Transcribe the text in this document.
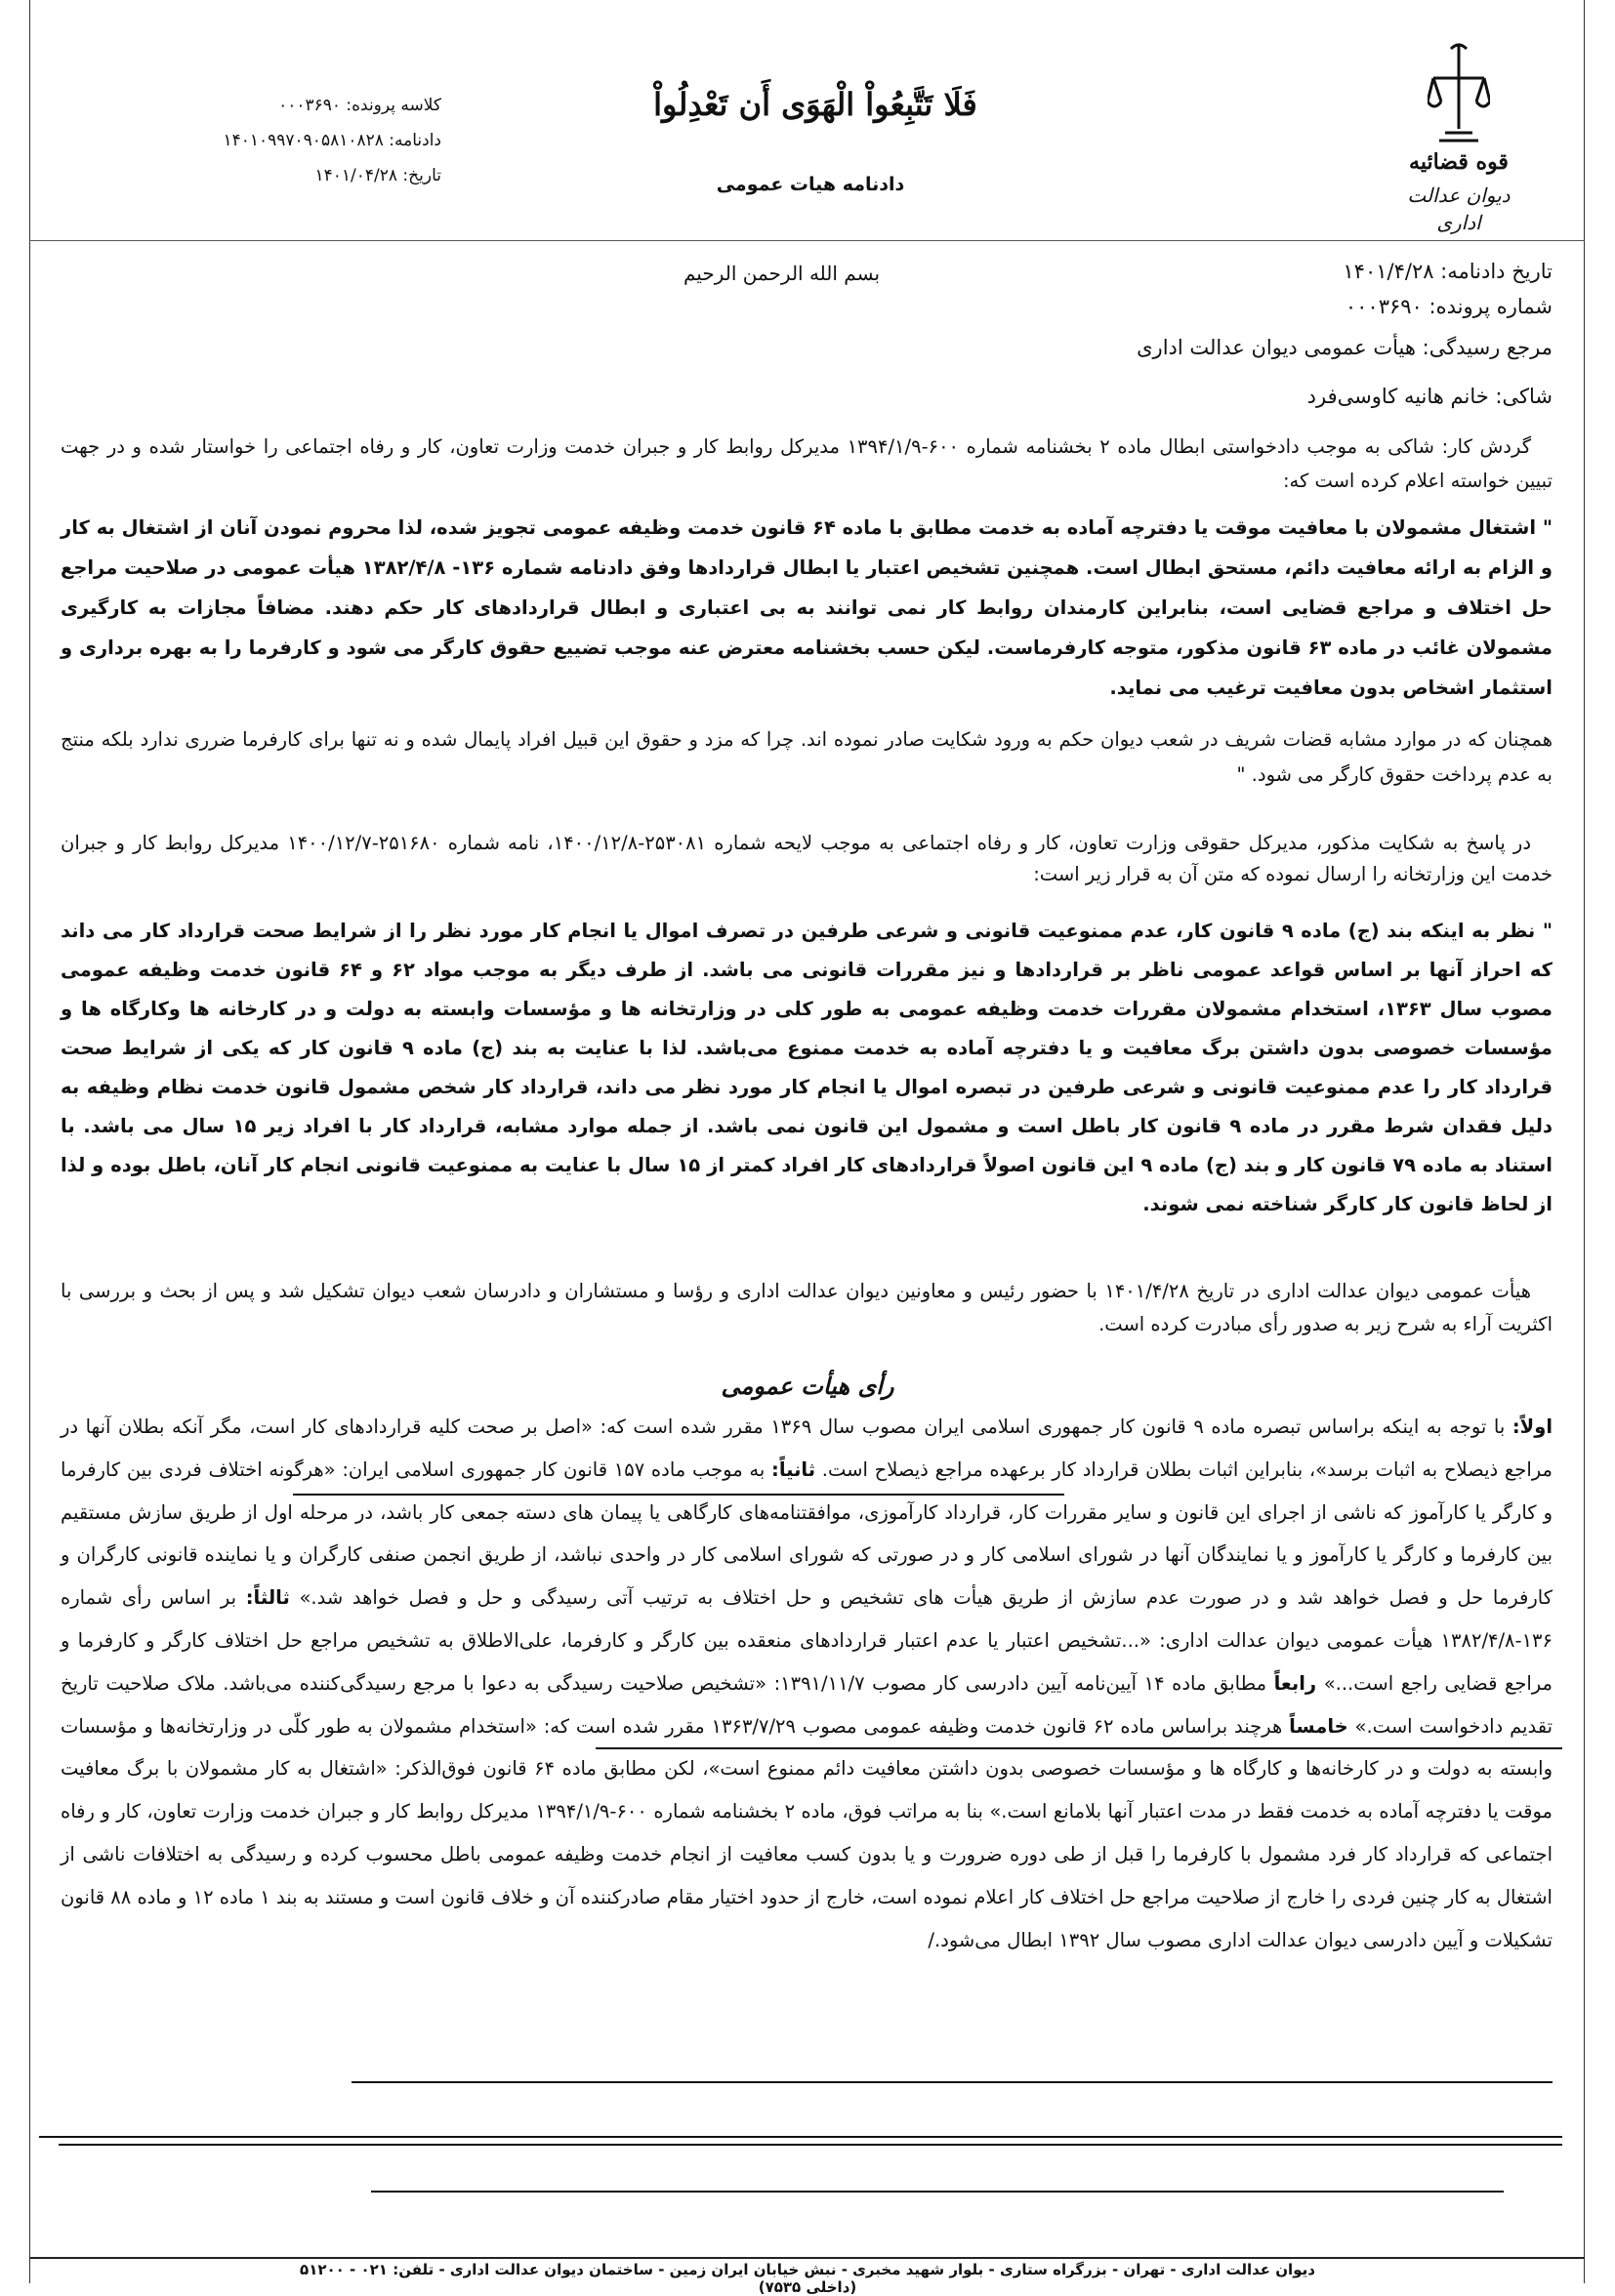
قوه قضائیه
دیوان عدالت اداری
فَلَا تَتَّبِعُواْ الْهَوَى أَن تَعْدِلُواْ
دادنامه هیات عمومی
کلاسه پرونده: ۰۰۰۳۶۹۰
دادنامه: ۱۴۰۱۰۹۹۷۰۹۰۵۸۱۰۸۲۸
تاریخ: ۱۴۰۱/۰۴/۲۸
بسم الله الرحمن الرحیم	تاریخ دادنامه: ۱۴۰۱/۴/۲۸
شماره پرونده: ۰۰۰۳۶۹۰
مرجع رسیدگی: هیأت عمومی دیوان عدالت اداری
شاکی: خانم هانیه کاوسی‌فرد

گردش کار: شاکی به موجب دادخواستی ابطال ماده ۲ بخشنامه شماره ۶۰۰-۱۳۹۴/۱/۹ مدیرکل روابط کار و جبران خدمت وزارت تعاون، کار و رفاه اجتماعی را خواستار شده و در جهت تبیین خواسته اعلام کرده است که:

" اشتغال مشمولان با معافیت موقت یا دفترچه آماده به خدمت مطابق با ماده ۶۴ قانون خدمت وظیفه عمومی تجویز شده، لذا محروم نمودن آنان از اشتغال به کار و الزام به ارائه معافیت دائم، مستحق ابطال است. همچنین تشخیص اعتبار یا ابطال قراردادها وفق دادنامه شماره ۱۳۶- ۱۳۸۲/۴/۸ هیأت عمومی در صلاحیت مراجع حل اختلاف و مراجع قضایی است، بنابراین کارمندان روابط کار نمی توانند به بی اعتباری و ابطال قراردادهای کار حکم دهند. مضافاً مجازات به کارگیری مشمولان غائب در ماده ۶۳ قانون مذکور، متوجه کارفرماست. لیکن حسب بخشنامه معترض عنه موجب تضییع حقوق کارگر می شود و کارفرما را به بهره برداری و استثمار اشخاص بدون معافیت ترغیب می نماید.

همچنان که در موارد مشابه قضات شریف در شعب دیوان حکم به ورود شکایت صادر نموده اند. چرا که مزد و حقوق این قبیل افراد پایمال شده و نه تنها برای کارفرما ضرری ندارد بلکه منتج به عدم پرداخت حقوق کارگر می شود. "

در پاسخ به شکایت مذکور، مدیرکل حقوقی وزارت تعاون، کار و رفاه اجتماعی به موجب لایحه شماره ۲۵۳۰۸۱-۱۴۰۰/۱۲/۸، نامه شماره ۲۵۱۶۸۰-۱۴۰۰/۱۲/۷ مدیرکل روابط کار و جبران خدمت این وزارتخانه را ارسال نموده که متن آن به قرار زیر است:

" نظر به اینکه بند (ج) ماده ۹ قانون کار، عدم ممنوعیت قانونی و شرعی طرفین در تصرف اموال یا انجام کار مورد نظر را از شرایط صحت قرارداد کار می داند که احراز آنها بر اساس قواعد عمومی ناظر بر قراردادها و نیز مقررات قانونی می باشد. از طرف دیگر به موجب مواد ۶۲ و ۶۴ قانون خدمت وظیفه عمومی مصوب سال ۱۳۶۳، استخدام مشمولان مقررات خدمت وظیفه عمومی به طور کلی در وزارتخانه ها و مؤسسات وابسته به دولت و در کارخانه ها وکارگاه ها و مؤسسات خصوصی بدون داشتن برگ معافیت و یا دفترچه آماده به خدمت ممنوع می‌باشد. لذا با عنایت به بند (ج) ماده ۹ قانون کار که یکی از شرایط صحت قرارداد کار را عدم ممنوعیت قانونی و شرعی طرفین در تبصره اموال یا انجام کار مورد نظر می داند، قرارداد کار شخص مشمول قانون خدمت نظام وظیفه به دلیل فقدان شرط مقرر در ماده ۹ قانون کار باطل است و مشمول این قانون نمی باشد. از جمله موارد مشابه، قرارداد کار با افراد زیر ۱۵ سال می باشد. با استناد به ماده ۷۹ قانون کار و بند (ج) ماده ۹ این قانون اصولاً قراردادهای کار افراد کمتر از ۱۵ سال با عنایت به ممنوعیت قانونی انجام کار آنان، باطل بوده و لذا از لحاظ قانون کار کارگر شناخته نمی شوند.

هیأت عمومی دیوان عدالت اداری در تاریخ ۱۴۰۱/۴/۲۸ با حضور رئیس و معاونین دیوان عدالت اداری و رؤسا و مستشاران و دادرسان شعب دیوان تشکیل شد و پس از بحث و بررسی با اکثریت آراء به شرح زیر به صدور رأی مبادرت کرده است.

رأی هیأت عمومی

اولاً: با توجه به اینکه براساس تبصره ماده ۹ قانون کار جمهوری اسلامی ایران مصوب سال ۱۳۶۹ مقرر شده است که: «اصل بر صحت کلیه قراردادهای کار است، مگر آنکه بطلان آنها در مراجع ذیصلاح به اثبات برسد»، بنابراین اثبات بطلان قرارداد کار برعهده مراجع ذیصلاح است. ثانیاً: به موجب ماده ۱۵۷ قانون کار جمهوری اسلامی ایران: «هرگونه اختلاف فردی بین کارفرما و کارگر یا کارآموز که ناشی از اجرای این قانون و سایر مقررات کار، قرارداد کارآموزی، موافقتنامه‌های کارگاهی یا پیمان های دسته جمعی کار باشد، در مرحله اول از طریق سازش مستقیم بین کارفرما و کارگر یا کارآموز و یا نمایندگان آنها در شورای اسلامی کار و در صورتی که شورای اسلامی کار در واحدی نباشد، از طریق انجمن صنفی کارگران و یا نماینده قانونی کارگران و کارفرما حل و فصل خواهد شد و در صورت عدم سازش از طریق هیأت های تشخیص و حل اختلاف به ترتیب آتی رسیدگی و حل و فصل خواهد شد.» ثالثاً: بر اساس رأی شماره ۱۳۶-۱۳۸۲/۴/۸ هیأت عمومی دیوان عدالت اداری: «...تشخیص اعتبار یا عدم اعتبار قراردادهای منعقده بین کارگر و کارفرما، علی‌الاطلاق به تشخیص مراجع حل اختلاف کارگر و کارفرما و مراجع قضایی راجع است...» رابعاً مطابق ماده ۱۴ آیین‌نامه آیین دادرسی کار مصوب ۱۳۹۱/۱۱/۷: «تشخیص صلاحیت رسیدگی به دعوا با مرجع رسیدگی‌کننده می‌باشد. ملاک صلاحیت تاریخ تقدیم دادخواست است.» خامساً هرچند براساس ماده ۶۲ قانون خدمت وظیفه عمومی مصوب ۱۳۶۳/۷/۲۹ مقرر شده است که: «استخدام مشمولان به طور کلّی در وزارتخانه‌ها و مؤسسات وابسته به دولت و در کارخانه‌ها و کارگاه ها و مؤسسات خصوصی بدون داشتن معافیت دائم ممنوع است»، لکن مطابق ماده ۶۴ قانون فوق‌الذکر: «اشتغال به کار مشمولان با برگ معافیت موقت یا دفترچه آماده به خدمت فقط در مدت اعتبار آنها بلامانع است.» بنا به مراتب فوق، ماده ۲ بخشنامه شماره ۶۰۰-۱۳۹۴/۱/۹ مدیرکل روابط کار و جبران خدمت وزارت تعاون، کار و رفاه اجتماعی که قرارداد کار فرد مشمول با کارفرما را قبل از طی دوره ضرورت و یا بدون کسب معافیت از انجام خدمت وظیفه عمومی باطل محسوب کرده و رسیدگی به اختلافات ناشی از اشتغال به کار چنین فردی را خارج از صلاحیت مراجع حل اختلاف کار اعلام نموده است، خارج از حدود اختیار مقام صادرکننده آن و خلاف قانون است و مستند به بند ۱ ماده ۱۲ و ماده ۸۸ قانون تشکیلات و آیین دادرسی دیوان عدالت اداری مصوب سال ۱۳۹۲ ابطال می‌شود./

دیوان عدالت اداری - تهران - بزرگراه ستاری - بلوار شهید مخبری - نبش خیابان ایران زمین - ساختمان دیوان عدالت اداری - تلفن: ۰۲۱ - ۵۱۲۰۰ (داخلی ۷۵۳۵)
